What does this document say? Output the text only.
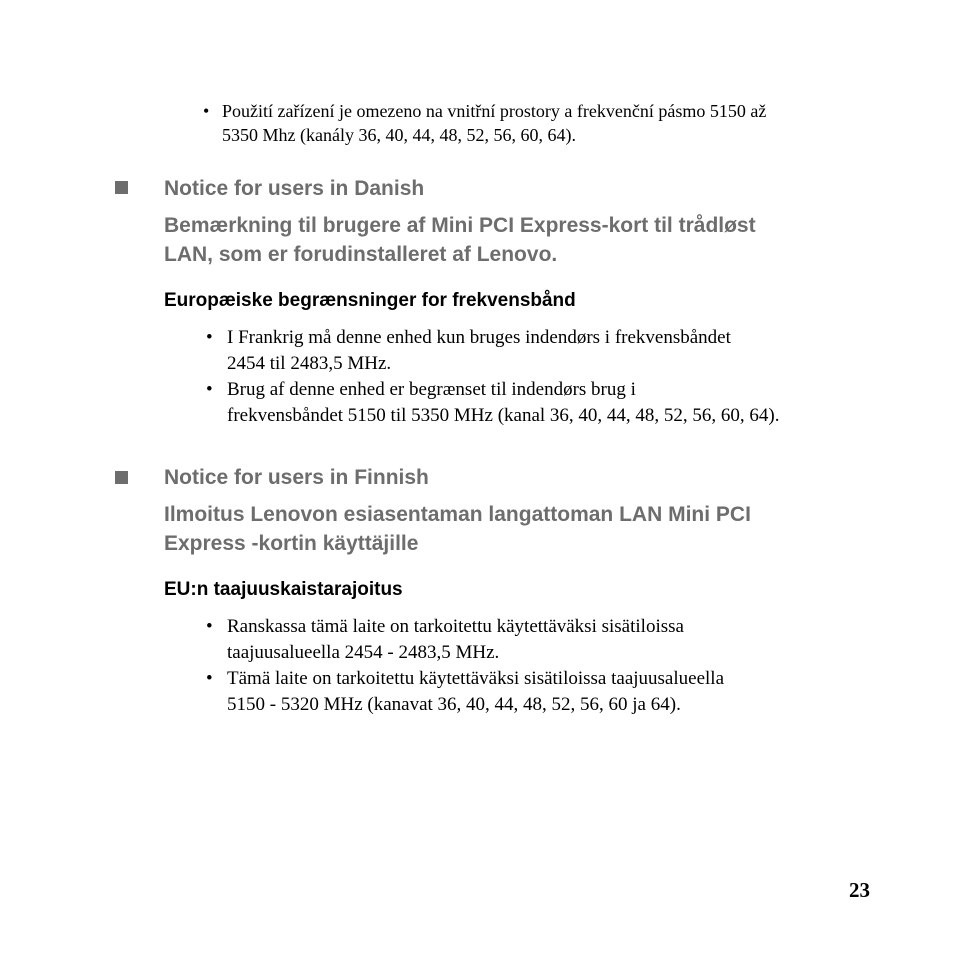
• Použití zařízení je omezeno na vnitřní prostory a frekvenční pásmo 5150 až
5350 Mhz (kanály 36, 40, 44, 48, 52, 56, 60, 64).
Notice for users in Danish
Bemærkning til brugere af Mini PCI Express-kort til trådløst
LAN, som er forudinstalleret af Lenovo.
Europæiske begrænsninger for frekvensbånd
• I Frankrig må denne enhed kun bruges indendørs i frekvensbåndet
2454 til 2483,5 MHz.
• Brug af denne enhed er begrænset til indendørs brug i
frekvensbåndet 5150 til 5350 MHz (kanal 36, 40, 44, 48, 52, 56, 60, 64).
Notice for users in Finnish
Ilmoitus Lenovon esiasentaman langattoman LAN Mini PCI
Express -kortin käyttäjille
EU:n taajuuskaistarajoitus
• Ranskassa tämä laite on tarkoitettu käytettäväksi sisätiloissa
taajuusalueella 2454 - 2483,5 MHz.
• Tämä laite on tarkoitettu käytettäväksi sisätiloissa taajuusalueella
5150 - 5320 MHz (kanavat 36, 40, 44, 48, 52, 56, 60 ja 64).
23
